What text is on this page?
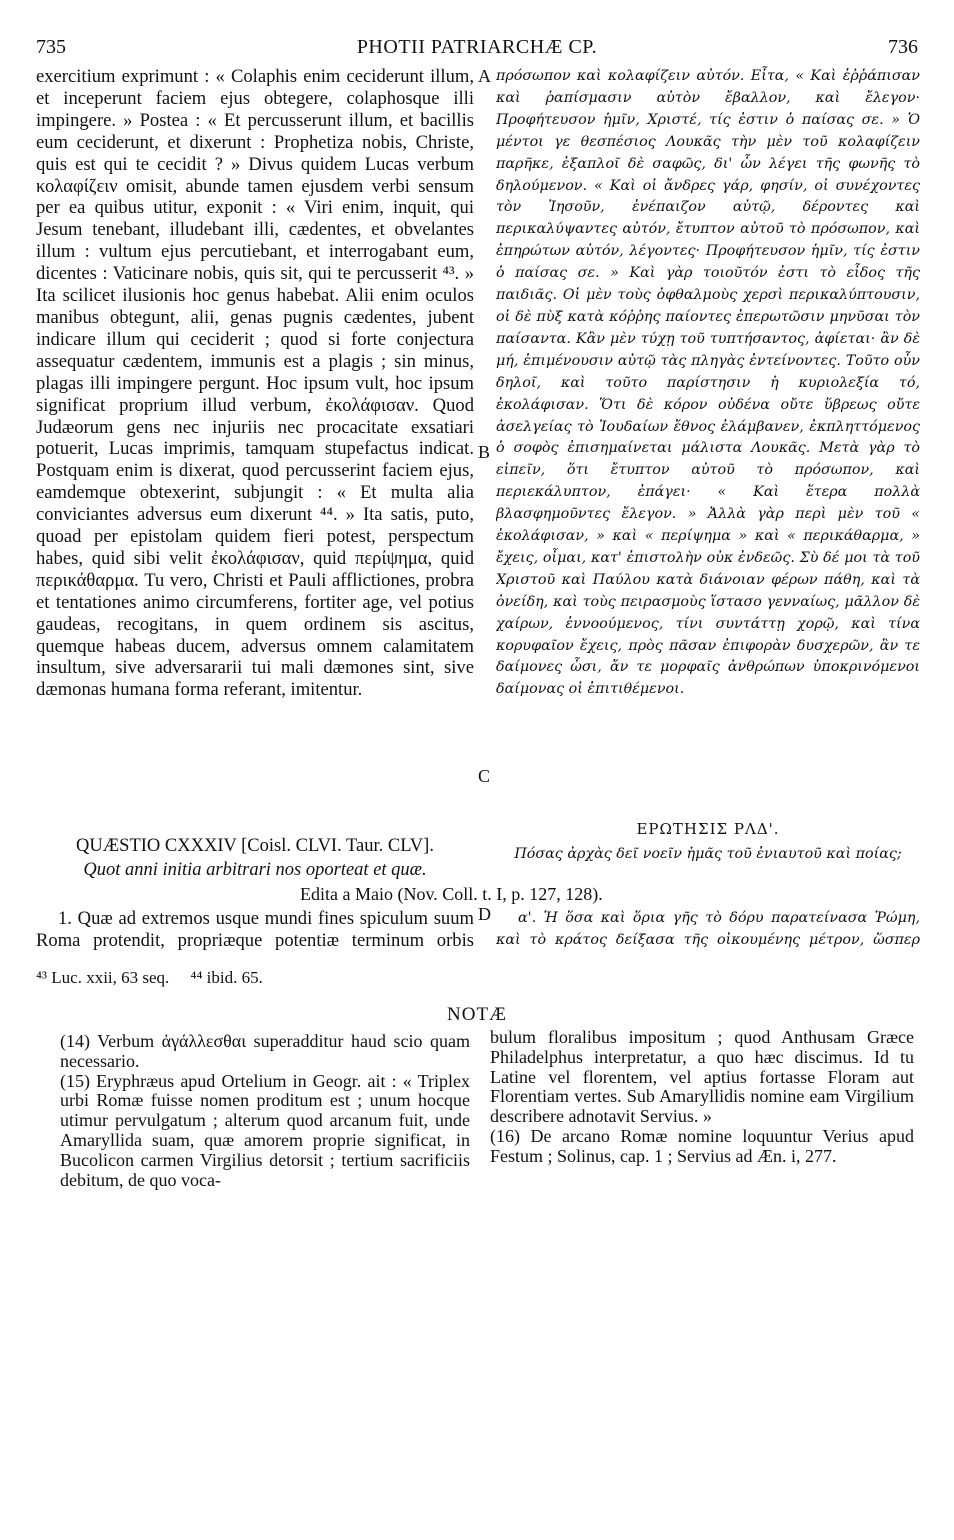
735	PHOTII PATRIARCHÆ CP.	736

exercitium exprimunt : « Colaphis enim ceciderunt illum, et inceperunt faciem ejus obtegere, colaphosque illi impingere. » Postea : « Et percusserunt illum, et bacillis eum ceciderunt, et dixerunt : Prophetiza nobis, Christe, quis est qui te cecidit ? » Divus quidem Lucas verbum κολαφίζειν omisit, abunde tamen ejusdem verbi sensum per ea quibus utitur, exponit : « Viri enim, inquit, qui Jesum tenebant, illudebant illi, cædentes, et obvelantes illum : vultum ejus percutiebant, et interrogabant eum, dicentes : Vaticinare nobis, quis sit, qui te percusserit ⁴³. » Ita scilicet ilusionis hoc genus habebat. Alii enim oculos manibus obtegunt, alii, genas pugnis cædentes, jubent indicare illum qui ceciderit ; quod si forte conjectura assequatur cædentem, immunis est a plagis ; sin minus, plagas illi impingere pergunt. Hoc ipsum vult, hoc ipsum significat proprium illud verbum, ἐκολάφισαν. Quod Judæorum gens nec injuriis nec procacitate exsatiari potuerit, Lucas imprimis, tamquam stupefactus indicat. Postquam enim is dixerat, quod percusserint faciem ejus, eamdemque obtexerint, subjungit : « Et multa alia conviciantes adversus eum dixerunt ⁴⁴. » Ita satis, puto, quoad per epistolam quidem fieri potest, perspectum habes, quid sibi velit ἐκολάφισαν, quid περίψημα, quid περικάθαρμα. Tu vero, Christi et Pauli afflictiones, probra et tentationes animo circumferens, fortiter age, vel potius gaudeas, recogitans, in quem ordinem sis ascitus, quemque habeas ducem, adversus omnem calamitatem insultum, sive adversararii tui mali dæmones sint, sive dæmonas humana forma referant, imitentur.

πρόσωπον καὶ κολαφίζειν αὐτόν. Εἶτα, « Καὶ ἐῤῥάπισαν καὶ ῥαπίσμασιν αὐτὸν ἔβαλλον, καὶ ἔλεγον· Προφήτευσον ἡμῖν, Χριστέ, τίς ἐστιν ὁ παίσας σε. » Ὁ μέντοι γε θεσπέσιος Λουκᾶς τὴν μὲν τοῦ κολαφίζειν παρῆκε, ἐξαπλοῖ δὲ σαφῶς, δι' ὧν λέγει τῆς φωνῆς τὸ δηλούμενον. « Καὶ οἱ ἄνδρες γάρ, φησίν, οἱ συνέχοντες τὸν Ἰησοῦν, ἐνέπαιζον αὐτῷ, δέροντες καὶ περικαλύψαντες αὐτόν, ἔτυπτον αὐτοῦ τὸ πρόσωπον, καὶ ἐπηρώτων αὐτόν, λέγοντες· Προφήτευσον ἡμῖν, τίς ἐστιν ὁ παίσας σε. » Καὶ γὰρ τοιοῦτόν ἐστι τὸ εἶδος τῆς παιδιᾶς. Οἱ μὲν τοὺς ὀφθαλμοὺς χερσὶ περικαλύπτουσιν, οἱ δὲ πὺξ κατὰ κόῤῥης παίοντες ἐπερωτῶσιν μηνῦσαι τὸν παίσαντα. Κἂν μὲν τύχῃ τοῦ τυπτήσαντος, ἀφίεται· ἂν δὲ μή, ἐπιμένουσιν αὐτῷ τὰς πληγὰς ἐντείνοντες. Τοῦτο οὖν δηλοῖ, καὶ τοῦτο παρίστησιν ἡ κυριολεξία τό, ἐκολάφισαν. Ὅτι δὲ κόρον οὐδένα οὔτε ὕβρεως οὔτε ἀσελγείας τὸ Ἰουδαίων ἔθνος ἐλάμβανεν, ἐκπληττόμενος ὁ σοφὸς ἐπισημαίνεται μάλιστα Λουκᾶς. Μετὰ γὰρ τὸ εἰπεῖν, ὅτι ἔτυπτον αὐτοῦ τὸ πρόσωπον, καὶ περιεκάλυπτον, ἐπάγει· « Καὶ ἕτερα πολλὰ βλασφημοῦντες ἔλεγον. » Ἀλλὰ γὰρ περὶ μὲν τοῦ « ἐκολάφισαν, » καὶ « περίψημα » καὶ « περικάθαρμα, » ἔχεις, οἶμαι, κατ' ἐπιστολὴν οὐκ ἐνδεῶς. Σὺ δέ μοι τὰ τοῦ Χριστοῦ καὶ Παύλου κατὰ διάνοιαν φέρων πάθη, καὶ τὰ ὀνείδη, καὶ τοὺς πειρασμοὺς ἵστασο γενναίως, μᾶλλον δὲ χαίρων, ἐννοούμενος, τίνι συντάττῃ χορῷ, καὶ τίνα κορυφαῖον ἔχεις, πρὸς πᾶσαν ἐπιφορὰν δυσχερῶν, ἂν τε δαίμονες ὦσι, ἄν τε μορφαῖς ἀνθρώπων ὑποκρινόμενοι δαίμονας οἱ ἐπιτιθέμενοι.

A
B
C
D
QUÆSTIO CXXXIV [Coisl. CLVI. Taur. CLV].
Quot anni initia arbitrari nos oporteat et quæ.
ΕΡΩΤΗΣΙΣ ΡΛΔ'.
Πόσας ἀρχὰς δεῖ νοεῖν ἡμᾶς τοῦ ἐνιαυτοῦ καὶ ποίας;
Edita a Maio (Nov. Coll. t. I, p. 127, 128).

1. Quæ ad extremos usque mundi fines spiculum suum Roma protendit, propriæque potentiæ terminum orbis

α'. Ἡ ὅσα καὶ ὅρια γῆς τὸ δόρυ παρατείνασα Ῥώμη, καὶ τὸ κράτος δείξασα τῆς οἰκουμένης μέτρον, ὥσπερ

⁴³ Luc. xxii, 63 seq.     ⁴⁴ ibid. 65.
NOTÆ
(14) Verbum ἀγάλλεσθαι superadditur haud scio quam necessario.
(15) Eryphræus apud Ortelium in Geogr. ait : « Triplex urbi Romæ fuisse nomen proditum est ; unum hocque utimur pervulgatum ; alterum quod arcanum fuit, unde Amaryllida suam, quæ amorem proprie significat, in Bucolicon carmen Virgilius detorsit ; tertium sacrificiis debitum, de quo voca-
bulum floralibus impositum ; quod Anthusam Græce Philadelphus interpretatur, a quo hæc discimus. Id tu Latine vel florentem, vel aptius fortasse Floram aut Florentiam vertes. Sub Amaryllidis nomine eam Virgilium describere adnotavit Servius. »
(16) De arcano Romæ nomine loquuntur Verius apud Festum ; Solinus, cap. 1 ; Servius ad Æn. i, 277.
